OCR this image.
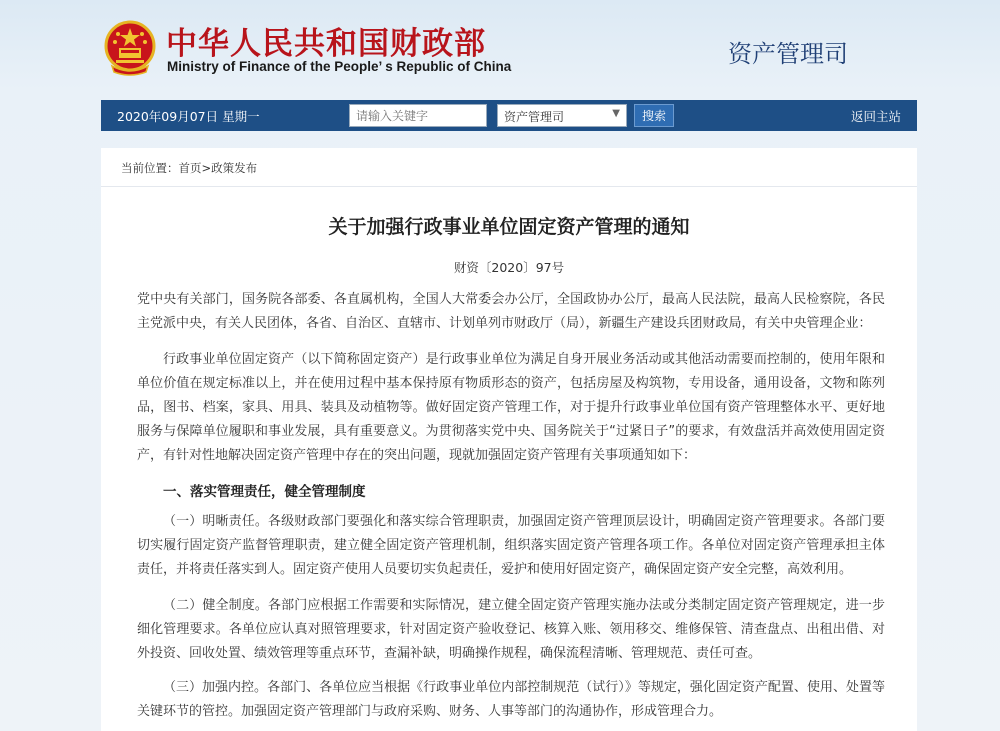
中华人民共和国财政部
Ministry of Finance of the People’ s Republic of China	资产管理司
2020年09月07日 星期一
请输入关键字	资产管理司	▼	搜索	返回主站
当前位置：首页>政策发布
关于加强行政事业单位固定资产管理的通知
财资〔2020〕97号

党中央有关部门，国务院各部委、各直属机构，全国人大常委会办公厅，全国政协办公厅，最高人民法院，最高人民检察院，各民主党派中央，有关人民团体，各省、自治区、直辖市、计划单列市财政厅（局），新疆生产建设兵团财政局，有关中央管理企业：

行政事业单位固定资产（以下简称固定资产）是行政事业单位为满足自身开展业务活动或其他活动需要而控制的，使用年限和单位价值在规定标准以上，并在使用过程中基本保持原有物质形态的资产，包括房屋及构筑物，专用设备，通用设备，文物和陈列品，图书、档案，家具、用具、装具及动植物等。做好固定资产管理工作，对于提升行政事业单位国有资产管理整体水平、更好地服务与保障单位履职和事业发展，具有重要意义。为贯彻落实党中央、国务院关于“过紧日子”的要求，有效盘活并高效使用固定资产，有针对性地解决固定资产管理中存在的突出问题，现就加强固定资产管理有关事项通知如下：

一、落实管理责任，健全管理制度

（一）明晰责任。各级财政部门要强化和落实综合管理职责，加强固定资产管理顶层设计，明确固定资产管理要求。各部门要切实履行固定资产监督管理职责，建立健全固定资产管理机制，组织落实固定资产管理各项工作。各单位对固定资产管理承担主体责任，并将责任落实到人。固定资产使用人员要切实负起责任，爱护和使用好固定资产，确保固定资产安全完整，高效利用。

（二）健全制度。各部门应根据工作需要和实际情况，建立健全固定资产管理实施办法或分类制定固定资产管理规定，进一步细化管理要求。各单位应认真对照管理要求，针对固定资产验收登记、核算入账、领用移交、维修保管、清查盘点、出租出借、对外投资、回收处置、绩效管理等重点环节，查漏补缺，明确操作规程，确保流程清晰、管理规范、责任可查。

（三）加强内控。各部门、各单位应当根据《行政事业单位内部控制规范（试行）》等规定，强化固定资产配置、使用、处置等关键环节的管控。加强固定资产管理部门与政府采购、财务、人事等部门的沟通协作，形成管理合力。
